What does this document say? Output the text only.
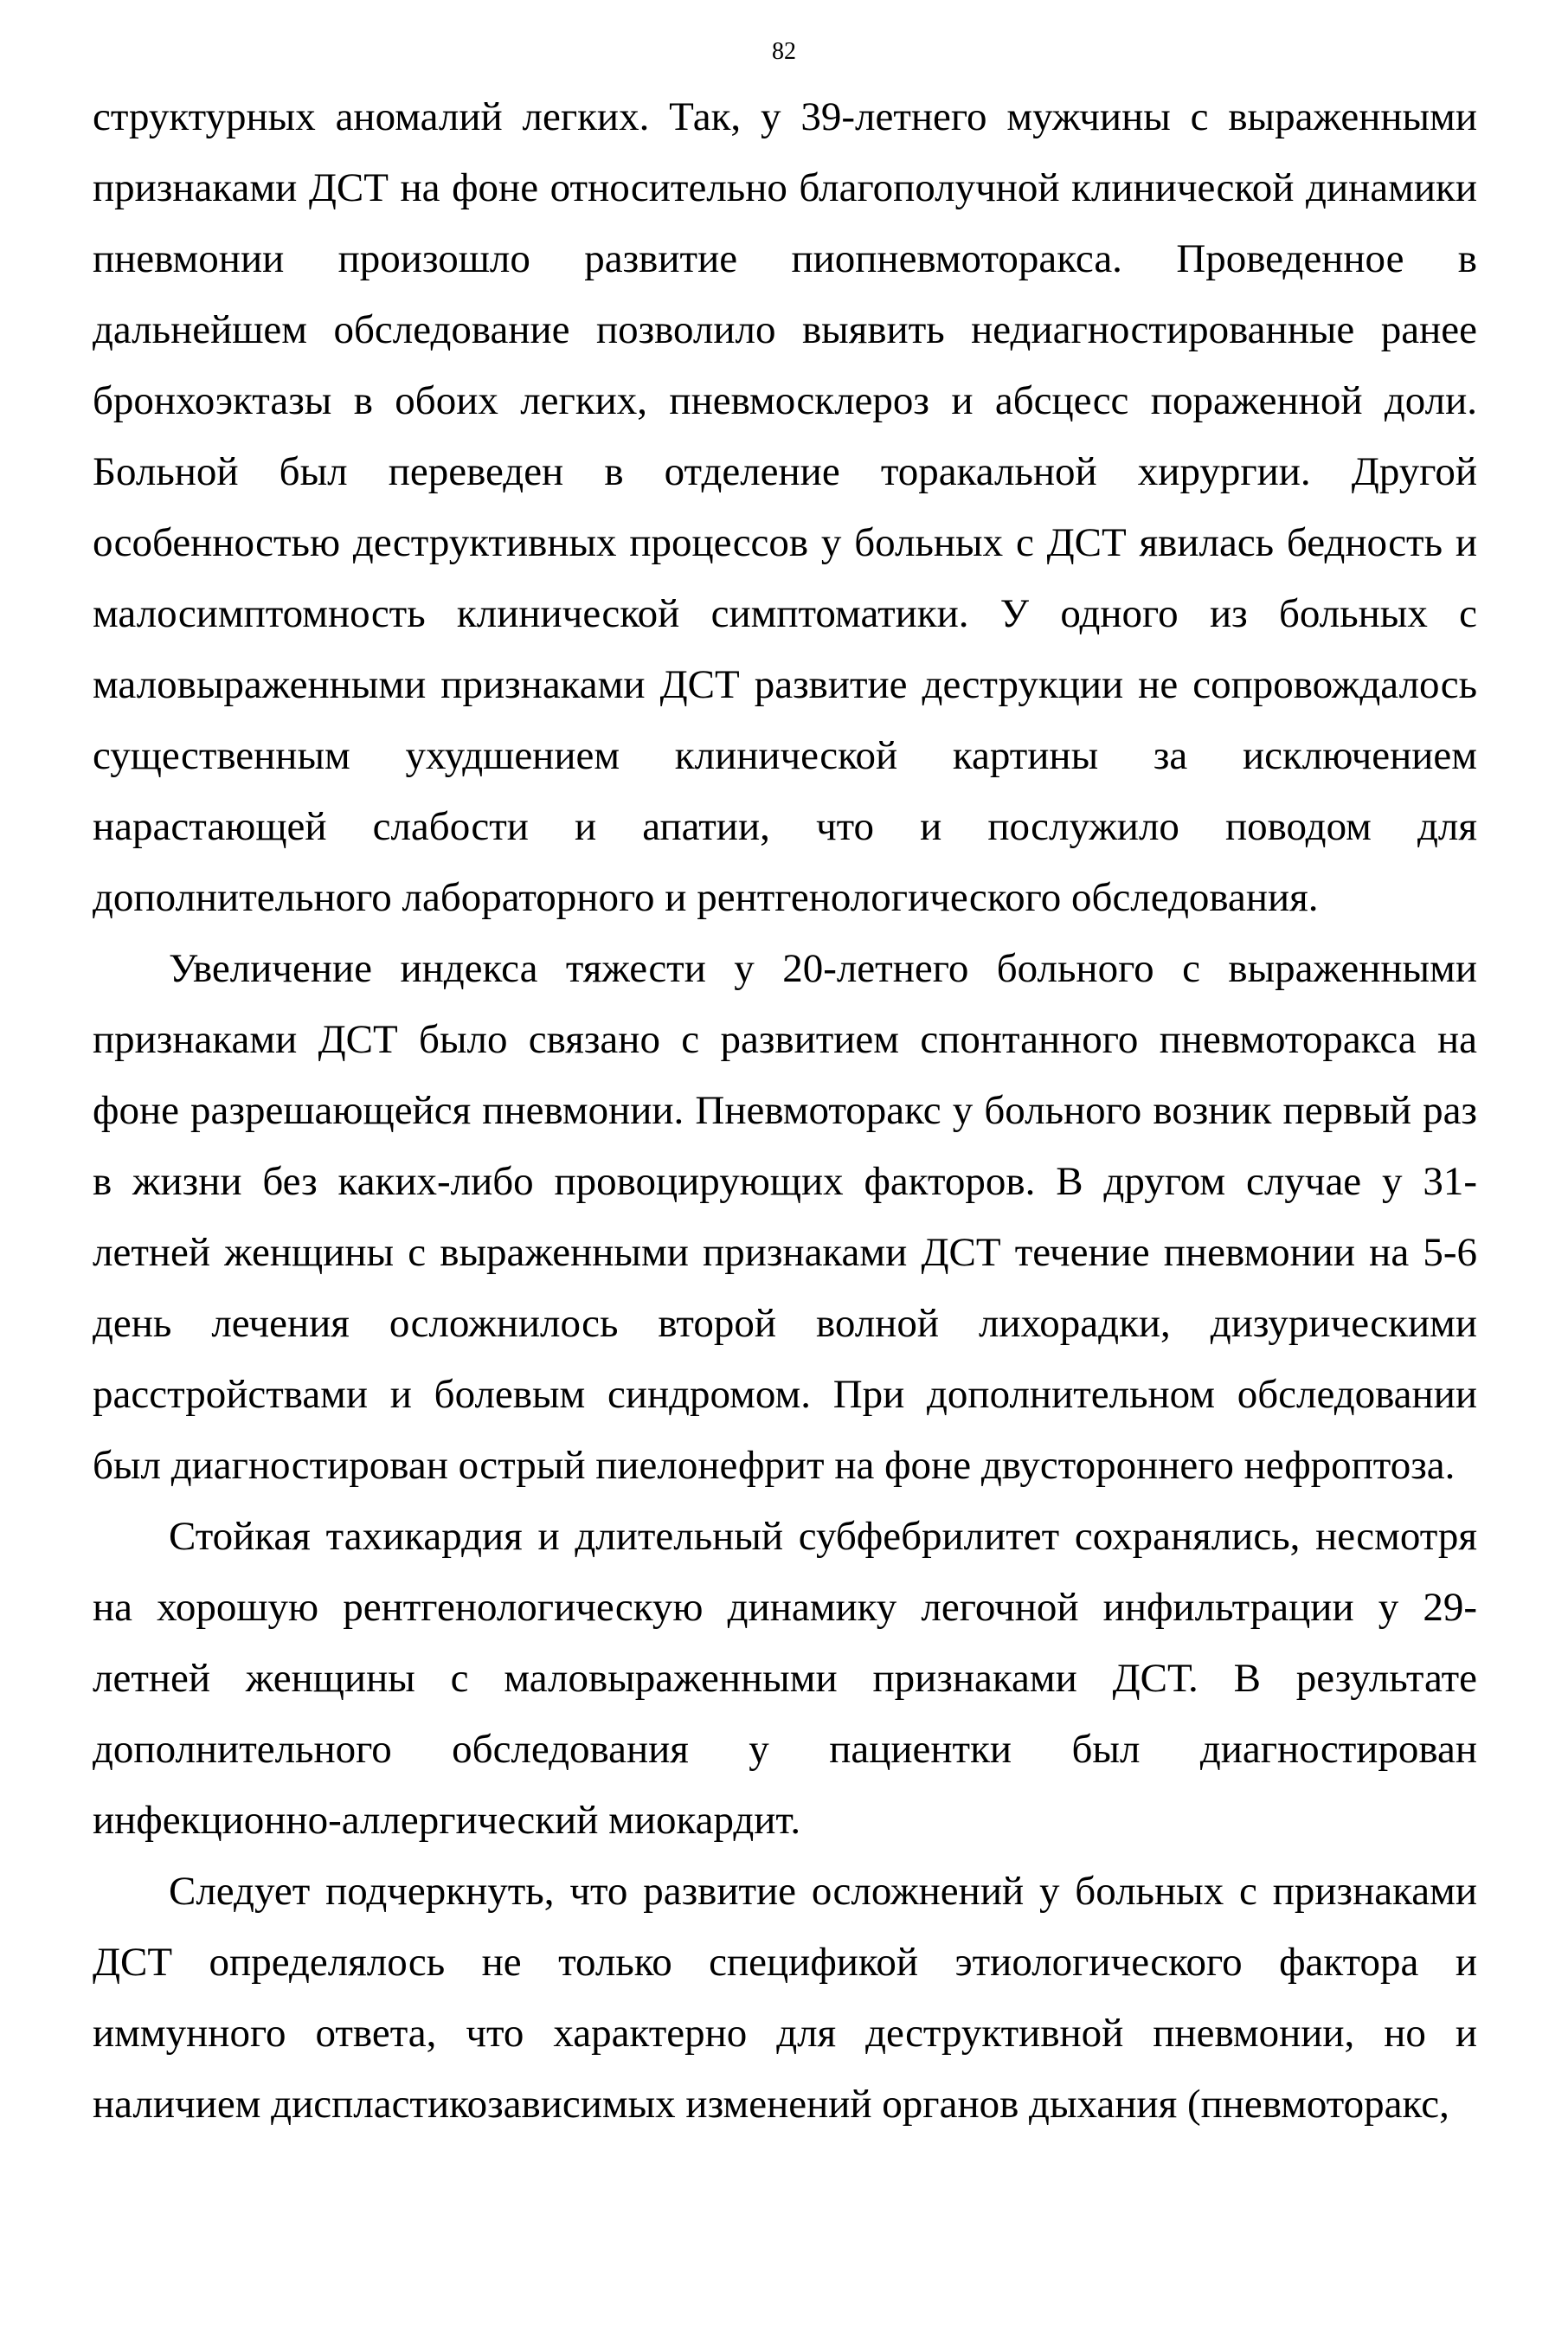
82

структурных аномалий легких. Так, у 39-летнего мужчины с выраженными признаками ДСТ на фоне относительно благополучной клинической динамики пневмонии произошло развитие пиопневмоторакса. Проведенное в дальнейшем обследование позволило выявить недиагностированные ранее бронхоэктазы в обоих легких, пневмосклероз и абсцесс пораженной доли. Больной был переведен в отделение торакальной хирургии. Другой особенностью деструктивных процессов у больных с ДСТ явилась бедность и малосимптомность клинической симптоматики. У одного из больных с маловыраженными признаками ДСТ развитие деструкции не сопровождалось существенным ухудшением клинической картины за исключением нарастающей слабости и апатии, что и послужило поводом для дополнительного лабораторного и рентгенологического обследования.

Увеличение индекса тяжести у 20-летнего больного с выраженными признаками ДСТ было связано с развитием спонтанного пневмоторакса на фоне разрешающейся пневмонии. Пневмоторакс у больного возник первый раз в жизни без каких-либо провоцирующих факторов. В другом случае у 31-летней женщины с выраженными признаками ДСТ течение пневмонии на 5-6 день лечения осложнилось второй волной лихорадки, дизурическими расстройствами и болевым синдромом. При дополнительном обследовании был диагностирован острый пиелонефрит на фоне двустороннего нефроптоза.

Стойкая тахикардия и длительный субфебрилитет сохранялись, несмотря на хорошую рентгенологическую динамику легочной инфильтрации у 29-летней женщины с маловыраженными признаками ДСТ. В результате дополнительного обследования у пациентки был диагностирован инфекционно-аллергический миокардит.

Следует подчеркнуть, что развитие осложнений у больных с признаками ДСТ определялось не только спецификой этиологического фактора и иммунного ответа, что характерно для деструктивной пневмонии, но и наличием диспластикозависимых изменений органов дыхания (пневмоторакс,
